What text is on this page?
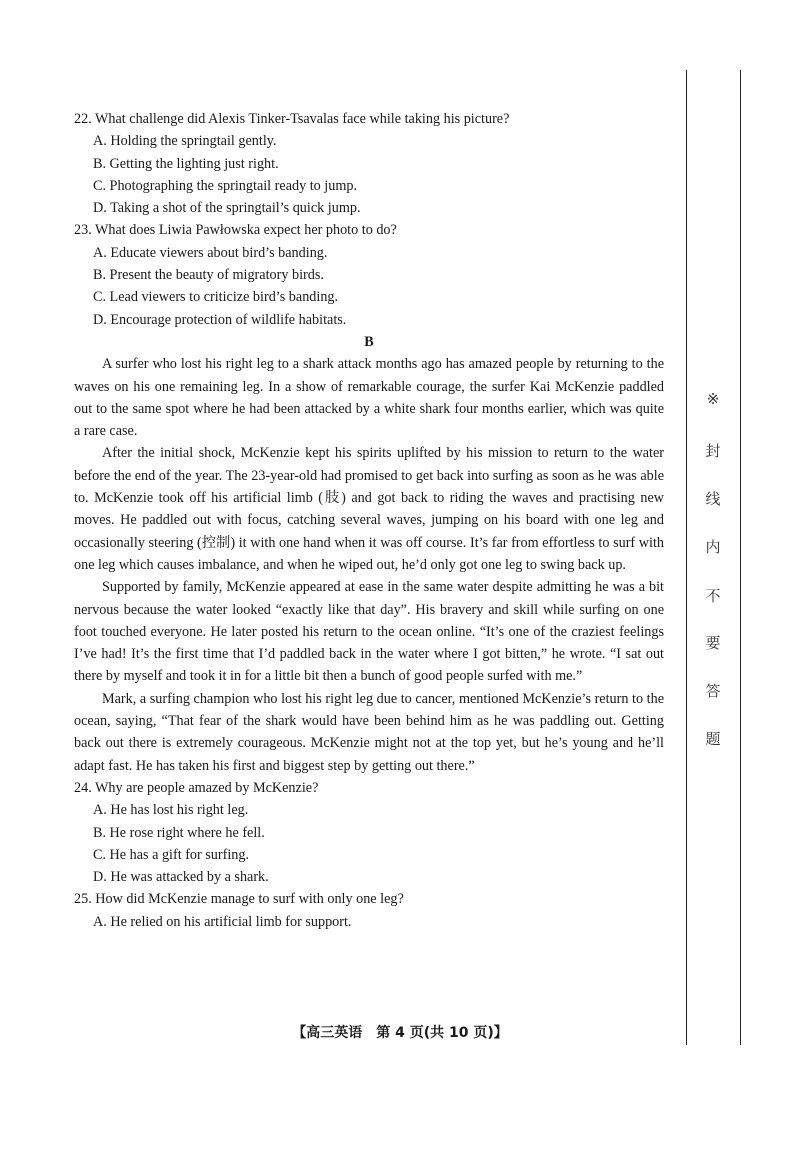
22. What challenge did Alexis Tinker-Tsavalas face while taking his picture?

A. Holding the springtail gently.

B. Getting the lighting just right.

C. Photographing the springtail ready to jump.

D. Taking a shot of the springtail’s quick jump.

23. What does Liwia Pawłowska expect her photo to do?

A. Educate viewers about bird’s banding.

B. Present the beauty of migratory birds.

C. Lead viewers to criticize bird’s banding.

D. Encourage protection of wildlife habitats.

B

A surfer who lost his right leg to a shark attack months ago has amazed people by returning to the waves on his one remaining leg. In a show of remarkable courage, the surfer Kai McKenzie paddled out to the same spot where he had been attacked by a white shark four months earlier, which was quite a rare case.

After the initial shock, McKenzie kept his spirits uplifted by his mission to return to the water before the end of the year. The 23-year-old had promised to get back into surfing as soon as he was able to. McKenzie took off his artificial limb (肢) and got back to riding the waves and practising new moves. He paddled out with focus, catching several waves, jumping on his board with one leg and occasionally steering (控制) it with one hand when it was off course. It’s far from effortless to surf with one leg which causes imbalance, and when he wiped out, he’d only got one leg to swing back up.

Supported by family, McKenzie appeared at ease in the same water despite admitting he was a bit nervous because the water looked “exactly like that day”. His bravery and skill while surfing on one foot touched everyone. He later posted his return to the ocean online. “It’s one of the craziest feelings I’ve had! It’s the first time that I’d paddled back in the water where I got bitten,” he wrote. “I sat out there by myself and took it in for a little bit then a bunch of good people surfed with me.”

Mark, a surfing champion who lost his right leg due to cancer, mentioned McKenzie’s return to the ocean, saying, “That fear of the shark would have been behind him as he was paddling out. Getting back out there is extremely courageous. McKenzie might not at the top yet, but he’s young and he’ll adapt fast. He has taken his first and biggest step by getting out there.”

24. Why are people amazed by McKenzie?

A. He has lost his right leg.

B. He rose right where he fell.

C. He has a gift for surfing.

D. He was attacked by a shark.

25. How did McKenzie manage to surf with only one leg?

A. He relied on his artificial limb for support.

【高三英语　第 4 页(共 10 页)】
※
封
线
内
不
要
答
题
